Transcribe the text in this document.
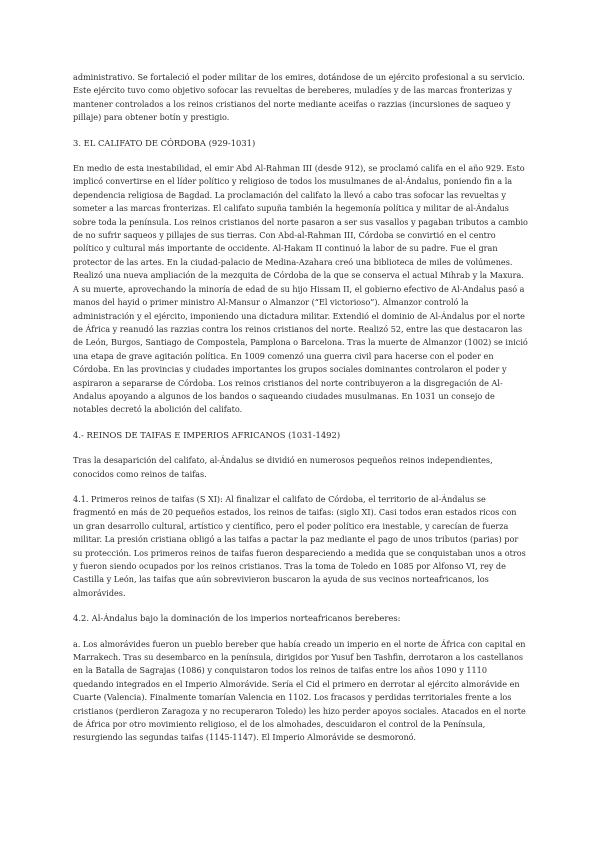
administrativo. Se fortaleció el poder militar de los emires, dotándose de un ejército profesional a su servicio. Este ejército tuvo como objetivo sofocar las revueltas de bereberes, muladíes y de las marcas fronterizas y mantener controlados a los reinos cristianos del norte mediante aceifas o razzias (incursiones de saqueo y pillaje) para obtener botín y prestigio.

3. EL CALIFATO DE CÓRDOBA (929-1031)

En medio de esta inestabilidad, el emir Abd Al-Rahman III (desde 912), se proclamó califa en el año 929. Esto implicó convertirse en el líder político y religioso de todos los musulmanes de al-Ándalus, poniendo fin a la dependencia religiosa de Bagdad. La proclamación del califato la llevó a cabo tras sofocar las revueltas y someter a las marcas fronterizas. El califato supuña también la hegemonía política y militar de al-Ándalus sobre toda la península. Los reinos cristianos del norte pasaron a ser sus vasallos y pagaban tributos a cambio de no sufrir saqueos y pillajes de sus tierras. Con Abd-al-Rahman III, Córdoba se convirtió en el centro político y cultural más importante de occidente. Al-Hakam II continuó la labor de su padre. Fue el gran protector de las artes. En la ciudad-palacio de Medina-Azahara creó una biblioteca de miles de volúmenes. Realizó una nueva ampliación de la mezquita de Córdoba de la que se conserva el actual Mihrab y la Maxura. A su muerte, aprovechando la minoría de edad de su hijo Hissam II, el gobierno efectivo de Al-Andalus pasó a manos del hayid o primer ministro Al-Mansur o Almanzor (“El victorioso”). Almanzor controló la administración y el ejército, imponiendo una dictadura militar. Extendió el dominio de Al-Ándalus por el norte de África y reanudó las razzias contra los reinos cristianos del norte. Realizó 52, entre las que destacaron las de León, Burgos, Santiago de Compostela, Pamplona o Barcelona. Tras la muerte de Almanzor (1002) se inició una etapa de grave agitación política. En 1009 comenzó una guerra civil para hacerse con el poder en Córdoba. En las provincias y ciudades importantes los grupos sociales dominantes controlaron el poder y aspiraron a separarse de Córdoba. Los reinos cristianos del norte contribuyeron a la disgregación de Al-Andalus apoyando a algunos de los bandos o saqueando ciudades musulmanas. En 1031 un consejo de notables decretó la abolición del califato.

4.- REINOS DE TAIFAS E IMPERIOS AFRICANOS (1031-1492)

Tras la desaparición del califato, al-Ándalus se dividió en numerosos pequeños reinos independientes, conocidos como reinos de taifas.

4.1. Primeros reinos de taifas (S XI): Al finalizar el califato de Córdoba, el territorio de al-Ándalus se fragmentó en más de 20 pequeños estados, los reinos de taifas: (siglo XI). Casi todos eran estados ricos con un gran desarrollo cultural, artístico y científico, pero el poder político era inestable, y carecían de fuerza militar. La presión cristiana obligó a las taifas a pactar la paz mediante el pago de unos tributos (parias) por su protección. Los primeros reinos de taifas fueron despareciendo a medida que se conquistaban unos a otros y fueron siendo ocupados por los reinos cristianos. Tras la toma de Toledo en 1085 por Alfonso VI, rey de Castilla y León, las taifas que aún sobrevivieron buscaron la ayuda de sus vecinos norteafricanos, los almorávides.

4.2. Al-Ándalus bajo la dominación de los imperios norteafricanos bereberes:

a. Los almorávides fueron un pueblo bereber que había creado un imperio en el norte de África con capital en Marrakech. Tras su desembarco en la península, dirigidos por Yusuf ben Tashfin, derrotaron a los castellanos en la Batalla de Sagrajas (1086) y conquistaron todos los reinos de taifas entre los años 1090 y 1110 quedando integrados en el Imperio Almorávide. Sería el Cid el primero en derrotar al ejército almorávide en Cuarte (Valencia). Finalmente tomarían Valencia en 1102. Los fracasos y perdidas territoriales frente a los cristianos (perdieron Zaragoza y no recuperaron Toledo) les hizo perder apoyos sociales. Atacados en el norte de África por otro movimiento religioso, el de los almohades, descuidaron el control de la Península, resurgiendo las segundas taifas (1145-1147). El Imperio Almorávide se desmoronó.
